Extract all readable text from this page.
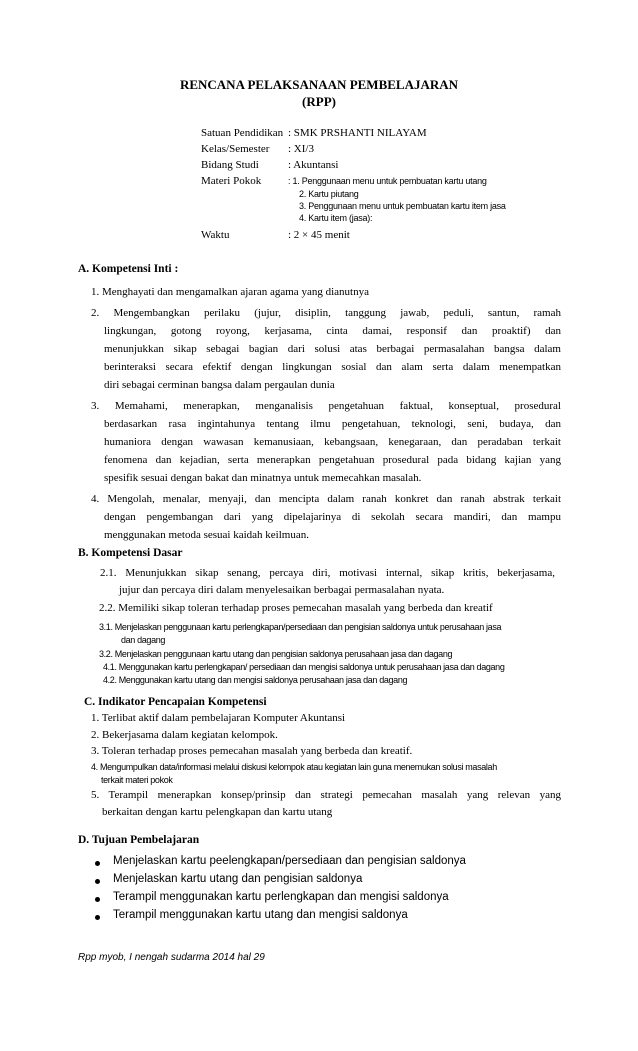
RENCANA PELAKSANAAN PEMBELAJARAN
(RPP)
Satuan Pendidikan : SMK PRSHANTI NILAYAM
Kelas/Semester : XI/3
Bidang Studi	: Akuntansi
Materi Pokok	: 1. Penggunaan menu untuk pembuatan kartu utang
2. Kartu piutang
3. Penggunaan menu untuk pembuatan kartu item jasa
4. Kartu item (jasa):
Waktu	: 2 × 45 menit
A. Kompetensi Inti :
1. Menghayati dan mengamalkan ajaran agama yang dianutnya
2. Mengembangkan perilaku (jujur, disiplin, tanggung jawab, peduli, santun, ramah
lingkungan, gotong royong, kerjasama, cinta damai, responsif dan proaktif) dan
menunjukkan sikap sebagai bagian dari solusi atas berbagai permasalahan bangsa dalam
berinteraksi secara efektif dengan lingkungan sosial dan alam serta dalam menempatkan
diri sebagai cerminan bangsa dalam pergaulan dunia
3. Memahami, menerapkan, menganalisis pengetahuan faktual, konseptual, prosedural
berdasarkan rasa ingintahunya tentang ilmu pengetahuan, teknologi, seni, budaya, dan
humaniora dengan wawasan kemanusiaan, kebangsaan, kenegaraan, dan peradaban terkait
fenomena dan kejadian, serta menerapkan pengetahuan prosedural pada bidang kajian yang
spesifik sesuai dengan bakat dan minatnya untuk memecahkan masalah.
4. Mengolah, menalar, menyaji, dan mencipta dalam ranah konkret dan ranah abstrak terkait
dengan pengembangan dari yang dipelajarinya di sekolah secara mandiri, dan mampu
menggunakan metoda sesuai kaidah keilmuan.
B. Kompetensi Dasar
2.1. Menunjukkan sikap senang, percaya diri, motivasi internal, sikap kritis, bekerjasama,
jujur dan percaya diri dalam menyelesaikan berbagai permasalahan nyata.
2.2. Memiliki sikap toleran terhadap proses pemecahan masalah yang berbeda dan kreatif
3.1. Menjelaskan penggunaan kartu perlengkapan/persediaan dan pengisian saldonya untuk perusahaan jasa
dan dagang
3.2. Menjelaskan penggunaan kartu utang dan pengisian saldonya perusahaan jasa dan dagang
4.1. Menggunakan kartu perlengkapan/ persediaan dan mengisi saldonya untuk perusahaan jasa dan dagang
4.2. Menggunakan kartu utang dan mengisi saldonya perusahaan jasa dan dagang
C. Indikator Pencapaian Kompetensi
1. Terlibat aktif dalam pembelajaran Komputer Akuntansi
2. Bekerjasama dalam kegiatan kelompok.
3. Toleran terhadap proses pemecahan masalah yang berbeda dan kreatif.
4. Mengumpulkan data/informasi melalui diskusi kelompok atau kegiatan lain guna menemukan solusi masalah
terkait materi pokok
5. Terampil menerapkan konsep/prinsip dan strategi pemecahan masalah yang relevan yang
berkaitan dengan kartu pelengkapan dan kartu utang
D. Tujuan Pembelajaran
Menjelaskan kartu peelengkapan/persediaan dan pengisian saldonya
Menjelaskan kartu utang dan pengisian saldonya
Terampil menggunakan kartu perlengkapan dan mengisi saldonya
Terampil menggunakan kartu utang dan mengisi saldonya
Rpp myob, I nengah sudarma 2014 hal 29
